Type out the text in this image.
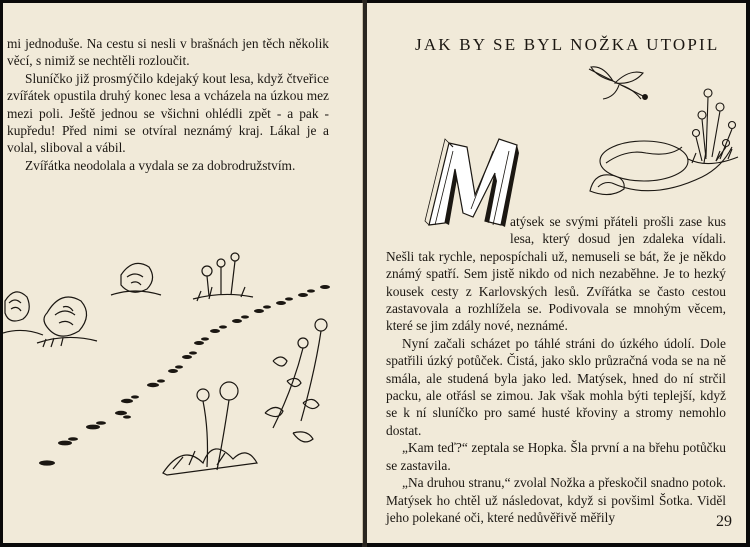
mi jednoduše. Na cestu si nesli v brašnách jen těch několik věcí, s nimiž se nechtěli rozloučit.

Sluníčko již prosmýčilo kdejaký kout lesa, když čtveřice zvířátek opustila druhý konec lesa a vcházela na úzkou mez mezi poli. Ještě jednou se všichni ohlédli zpět - a pak - kupředu! Před nimi se otvíral neznámý kraj. Lákal je a volal, sliboval a vábil.

Zvířátka neodolala a vydala se za dobrodružstvím.

JAK BY SE BYL NOŽKA UTOPIL

atýsek se svými přáteli prošli zase kus lesa, který dosud jen zdaleka vídali. Nešli tak rychle, nepospíchali už, nemuseli se bát, že je někdo známý spatří. Sem jistě nikdo od nich nezaběhne. Je to hezký kousek cesty z Karlovských lesů. Zvířátka se často cestou zastavovala a rozhlížela se. Podivovala se mnohým věcem, které se jim zdály nové, neznámé.

Nyní začali scházet po táhlé stráni do úzkého údolí. Dole spatřili úzký potůček. Čistá, jako sklo průzračná voda se na ně smála, ale studená byla jako led. Matýsek, hned do ní strčil packu, ale otřásl se zimou. Jak však mohla býti teplejší, když se k ní sluníčko pro samé husté křoviny a stromy nemohlo dostat.

„Kam teď?“ zeptala se Hopka. Šla první a na břehu potůčku se zastavila.

„Na druhou stranu,“ zvolal Nožka a přeskočil snadno potok. Matýsek ho chtěl už následovat, když si povšiml Šotka. Viděl jeho polekané oči, které nedůvěřivě měřily	29
